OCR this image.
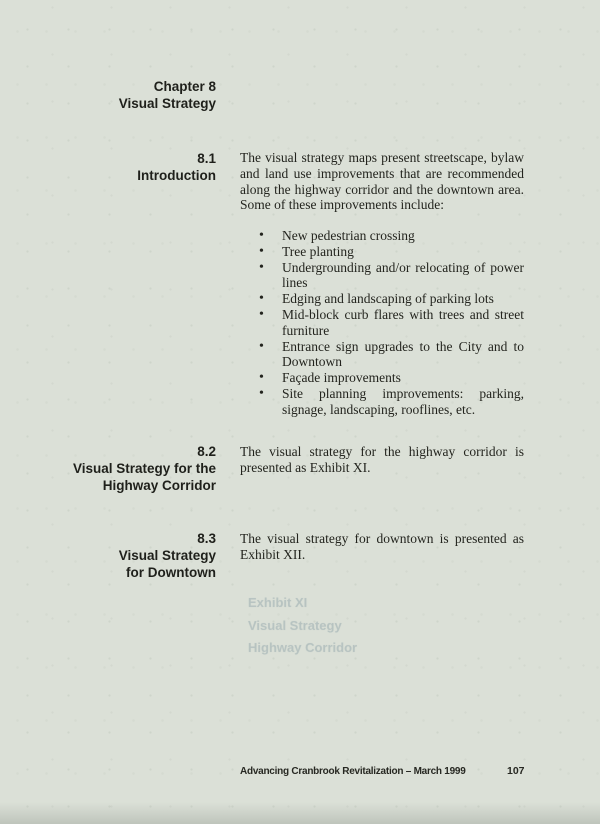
Chapter 8
Visual Strategy
8.1
Introduction
The visual strategy maps present streetscape, bylaw and land use improvements that are recommended along the highway corridor and the downtown area. Some of these improvements include:
• New pedestrian crossing
• Tree planting
• Undergrounding and/or relocating of power lines
• Edging and landscaping of parking lots
• Mid-block curb flares with trees and street furniture
• Entrance sign upgrades to the City and to Downtown
• Façade improvements
• Site planning improvements: parking, signage, landscaping, rooflines, etc.
8.2
Visual Strategy for the
Highway Corridor
The visual strategy for the highway corridor is presented as Exhibit XI.
8.3
Visual Strategy
for Downtown
The visual strategy for downtown is presented as Exhibit XII.
Exhibit XI
Visual Strategy
Highway Corridor
Advancing Cranbrook Revitalization – March 1999	107
